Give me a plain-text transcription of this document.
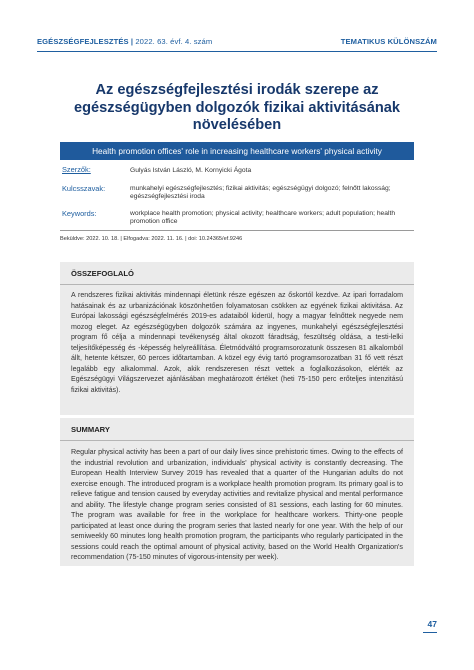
EGÉSZSÉGFEJLESZTÉS | 2022. 63. évf. 4. szám	TEMATIKUS KÜLÖNSZÁM
Az egészségfejlesztési irodák szerepe az egészségügyben dolgozók fizikai aktivitásának növelésében
Health promotion offices' role in increasing healthcare workers' physical activity
Szerzők:	Gulyás István László, M. Kornyicki Ágota
Kulcsszavak:	munkahelyi egészségfejlesztés; fizikai aktivitás; egészségügyi dolgozó; felnőtt lakosság; egészségfejlesztési iroda
Keywords:	workplace health promotion; physical activity; healthcare workers; adult population; health promotion office
Beküldve: 2022. 10. 18. | Elfogadva: 2022. 11. 16. | doi: 10.24365/ef.9246
ÖSSZEFOGLALÓ
A rendszeres fizikai aktivitás mindennapi életünk része egészen az őskortól kezdve. Az ipari forradalom hatásainak és az urbanizációnak köszönhetően folyamatosan csökken az egyének fizikai aktivitása. Az Európai lakossági egészségfelmérés 2019-es adataiból kiderül, hogy a magyar felnőttek negyede nem mozog eleget. Az egészségügyben dolgozók számára az ingyenes, munkahelyi egészségfejlesztési program fő célja a mindennapi tevékenység által okozott fáradtság, feszültség oldása, a testi-lelki teljesítőképesség és -képesség helyreállítása. Életmódváltó programsorozatunk összesen 81 alkalomból állt, hetente kétszer, 60 perces időtartamban. A közel egy évig tartó programsorozatban 31 fő vett részt legalább egy alkalommal. Azok, akik rendszeresen részt vettek a foglalkozásokon, elérték az Egészségügyi Világszervezet ajánlásában meghatározott értéket (heti 75-150 perc erőteljes intenzitású fizikai aktivitás).
SUMMARY
Regular physical activity has been a part of our daily lives since prehistoric times. Owing to the effects of the industrial revolution and urbanization, individuals' physical activity is constantly decreasing. The European Health Interview Survey 2019 has revealed that a quarter of the Hungarian adults do not exercise enough. The introduced program is a workplace health promotion program. Its primary goal is to relieve fatigue and tension caused by everyday activities and revitalize physical and mental performance and ability. The lifestyle change program series consisted of 81 sessions, each lasting for 60 minutes. The program was available for free in the workplace for healthcare workers. Thirty-one people participated at least once during the program series that lasted nearly for one year. With the help of our semiweekly 60 minutes long health promotion program, the participants who regularly participated in the sessions could reach the optimal amount of physical activity, based on the World Health Organization's recommendation (75-150 minutes of vigorous-intensity per week).
47
